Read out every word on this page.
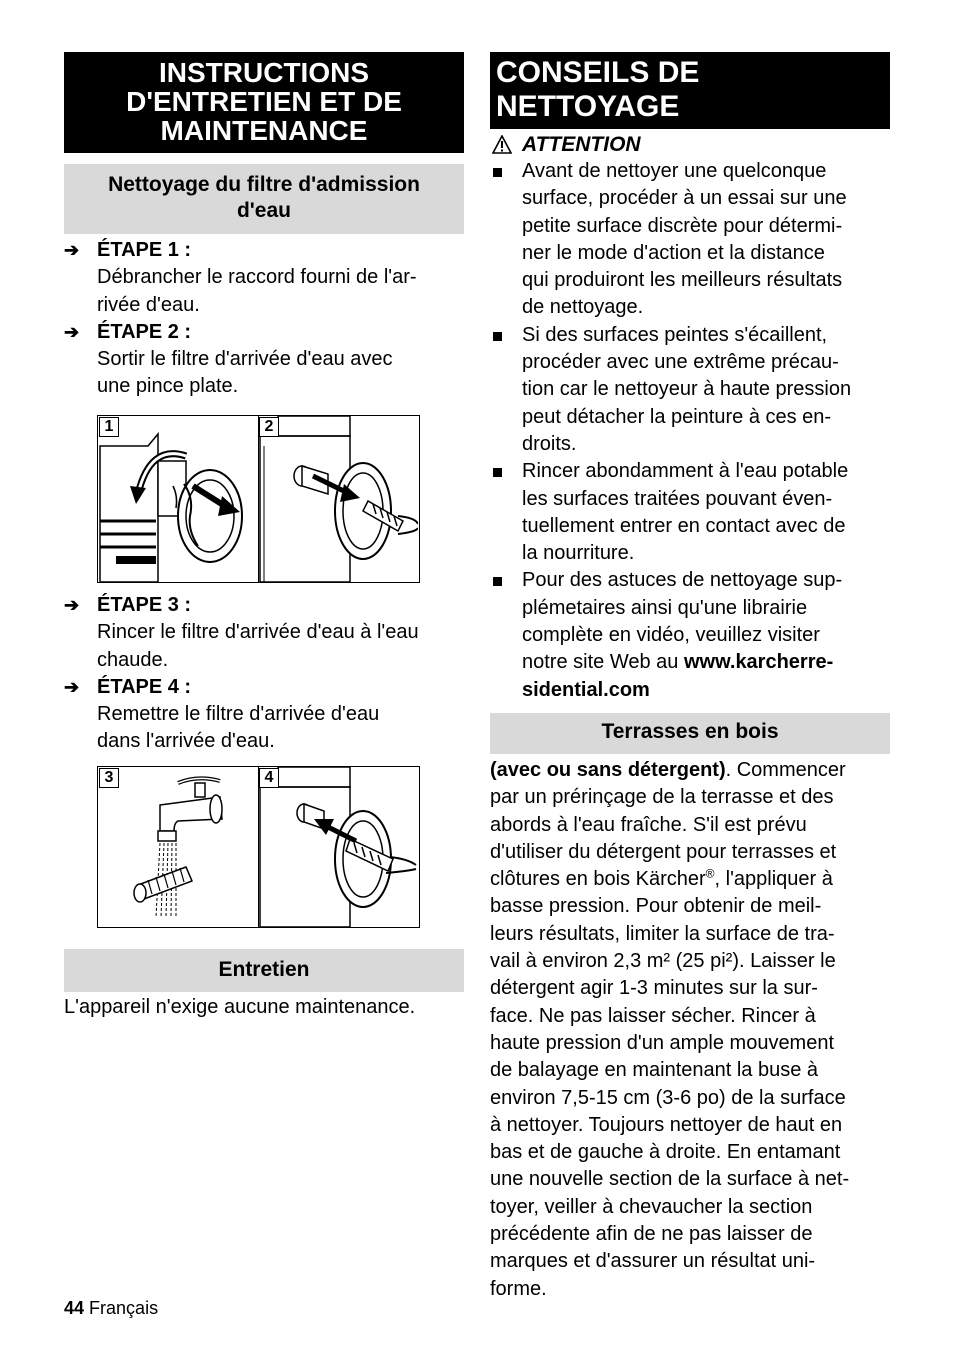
INSTRUCTIONS
D'ENTRETIEN ET DE
MAINTENANCE
Nettoyage du filtre d'admission
d'eau
➔ ÉTAPE 1 :
Débrancher le raccord fourni de l'ar-
rivée d'eau.
➔ ÉTAPE 2 :
Sortir le filtre d'arrivée d'eau avec
une pince plate.
1	2
➔ ÉTAPE 3 :
Rincer le filtre d'arrivée d'eau à l'eau
chaude.
➔ ÉTAPE 4 :
Remettre le filtre d'arrivée d'eau
dans l'arrivée d'eau.
3	4
Entretien
L'appareil n'exige aucune maintenance.
CONSEILS DE NETTOYAGE
ATTENTION
Avant de nettoyer une quelconque
surface, procéder à un essai sur une
petite surface discrète pour détermi-
ner le mode d'action et la distance
qui produiront les meilleurs résultats
de nettoyage.
Si des surfaces peintes s'écaillent,
procéder avec une extrême précau-
tion car le nettoyeur à haute pression
peut détacher la peinture à ces en-
droits.
Rincer abondamment à l'eau potable
les surfaces traitées pouvant éven-
tuellement entrer en contact avec de
la nourriture.
Pour des astuces de nettoyage sup-
plémetaires ainsi qu'une librairie
complète en vidéo, veuillez visiter
notre site Web au www.karcherre-
sidential.com
Terrasses en bois
(avec ou sans détergent). Commencer
par un prérinçage de la terrasse et des
abords à l'eau fraîche. S'il est prévu
d'utiliser du détergent pour terrasses et
clôtures en bois Kärcher®, l'appliquer à
basse pression. Pour obtenir de meil-
leurs résultats, limiter la surface de tra-
vail à environ 2,3 m² (25 pi²). Laisser le
détergent agir 1-3 minutes sur la sur-
face. Ne pas laisser sécher. Rincer à
haute pression d'un ample mouvement
de balayage en maintenant la buse à
environ 7,5-15 cm (3-6 po) de la surface
à nettoyer. Toujours nettoyer de haut en
bas et de gauche à droite. En entamant
une nouvelle section de la surface à net-
toyer, veiller à chevaucher la section
précédente afin de ne pas laisser de
marques et d'assurer un résultat uni-
forme.
44 Français
